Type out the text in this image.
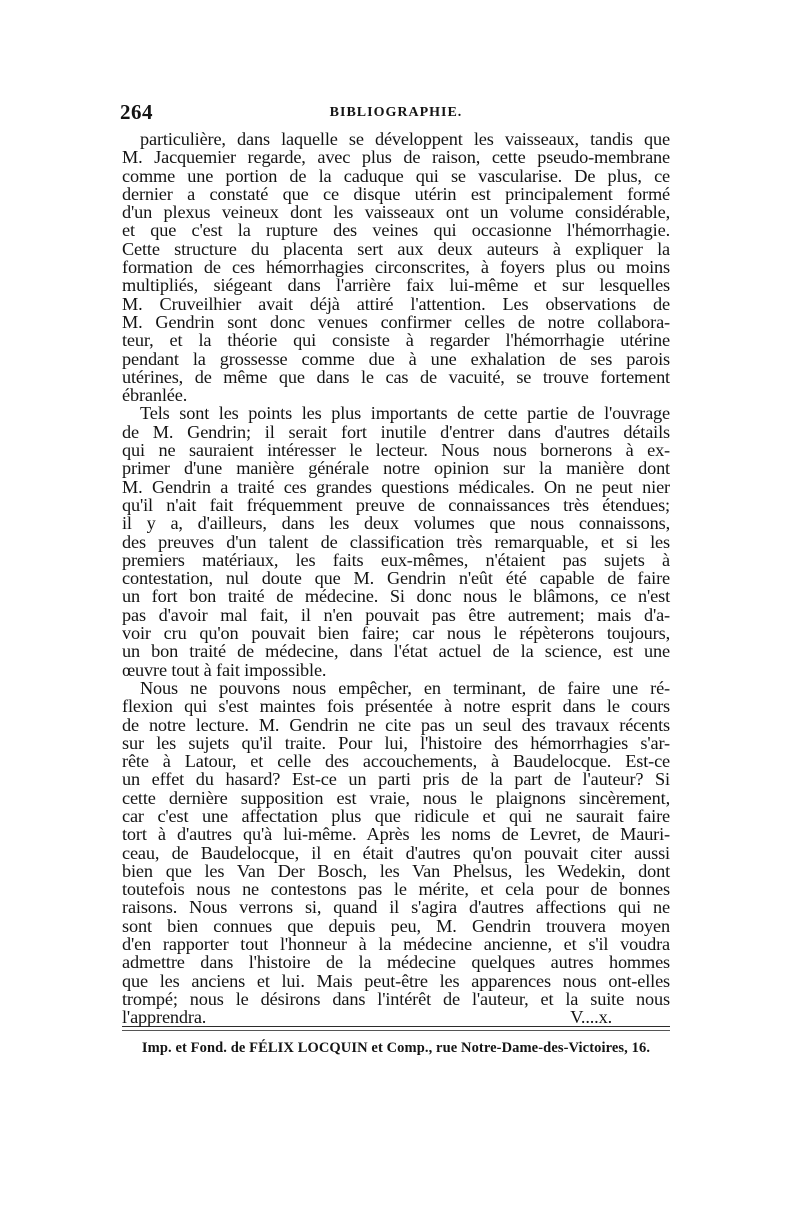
264	BIBLIOGRAPHIE.
particulière, dans laquelle se développent les vaisseaux, tandis que
M. Jacquemier regarde, avec plus de raison, cette pseudo-membrane
comme une portion de la caduque qui se vascularise. De plus, ce
dernier a constaté que ce disque utérin est principalement formé
d'un plexus veineux dont les vaisseaux ont un volume considérable,
et que c'est la rupture des veines qui occasionne l'hémorrhagie.
Cette structure du placenta sert aux deux auteurs à expliquer la
formation de ces hémorrhagies circonscrites, à foyers plus ou moins
multipliés, siégeant dans l'arrière faix lui-même et sur lesquelles
M. Cruveilhier avait déjà attiré l'attention. Les observations de
M. Gendrin sont donc venues confirmer celles de notre collabora-
teur, et la théorie qui consiste à regarder l'hémorrhagie utérine
pendant la grossesse comme due à une exhalation de ses parois
utérines, de même que dans le cas de vacuité, se trouve fortement
ébranlée.
Tels sont les points les plus importants de cette partie de l'ouvrage
de M. Gendrin; il serait fort inutile d'entrer dans d'autres détails
qui ne sauraient intéresser le lecteur. Nous nous bornerons à ex-
primer d'une manière générale notre opinion sur la manière dont
M. Gendrin a traité ces grandes questions médicales. On ne peut nier
qu'il n'ait fait fréquemment preuve de connaissances très étendues;
il y a, d'ailleurs, dans les deux volumes que nous connaissons,
des preuves d'un talent de classification très remarquable, et si les
premiers matériaux, les faits eux-mêmes, n'étaient pas sujets à
contestation, nul doute que M. Gendrin n'eût été capable de faire
un fort bon traité de médecine. Si donc nous le blâmons, ce n'est
pas d'avoir mal fait, il n'en pouvait pas être autrement; mais d'a-
voir cru qu'on pouvait bien faire; car nous le répèterons toujours,
un bon traité de médecine, dans l'état actuel de la science, est une
œuvre tout à fait impossible.
Nous ne pouvons nous empêcher, en terminant, de faire une ré-
flexion qui s'est maintes fois présentée à notre esprit dans le cours
de notre lecture. M. Gendrin ne cite pas un seul des travaux récents
sur les sujets qu'il traite. Pour lui, l'histoire des hémorrhagies s'ar-
rête à Latour, et celle des accouchements, à Baudelocque. Est-ce
un effet du hasard? Est-ce un parti pris de la part de l'auteur? Si
cette dernière supposition est vraie, nous le plaignons sincèrement,
car c'est une affectation plus que ridicule et qui ne saurait faire
tort à d'autres qu'à lui-même. Après les noms de Levret, de Mauri-
ceau, de Baudelocque, il en était d'autres qu'on pouvait citer aussi
bien que les Van Der Bosch, les Van Phelsus, les Wedekin, dont
toutefois nous ne contestons pas le mérite, et cela pour de bonnes
raisons. Nous verrons si, quand il s'agira d'autres affections qui ne
sont bien connues que depuis peu, M. Gendrin trouvera moyen
d'en rapporter tout l'honneur à la médecine ancienne, et s'il voudra
admettre dans l'histoire de la médecine quelques autres hommes
que les anciens et lui. Mais peut-être les apparences nous ont-elles
trompé; nous le désirons dans l'intérêt de l'auteur, et la suite nous
l'apprendra.	V....x.
Imp. et Fond. de FÉLIX LOCQUIN et Comp., rue Notre-Dame-des-Victoires, 16.
